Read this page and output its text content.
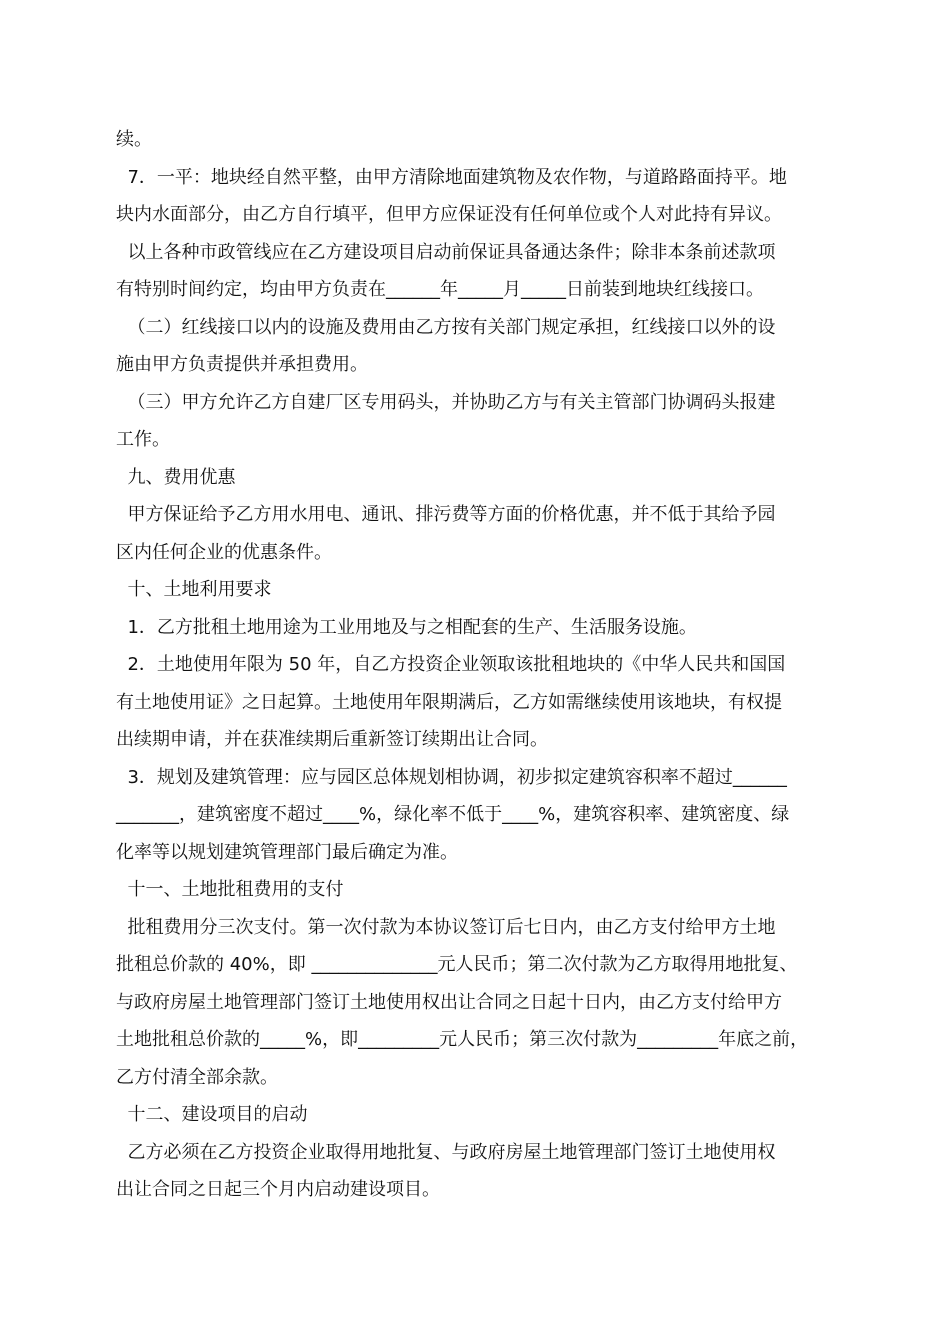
续。
7．一平：地块经自然平整，由甲方清除地面建筑物及农作物，与道路路面持平。地
块内水面部分，由乙方自行填平，但甲方应保证没有任何单位或个人对此持有异议。
以上各种市政管线应在乙方建设项目启动前保证具备通达条件；除非本条前述款项
有特别时间约定，均由甲方负责在______年_____月_____日前装到地块红线接口。
（二）红线接口以内的设施及费用由乙方按有关部门规定承担，红线接口以外的设
施由甲方负责提供并承担费用。
（三）甲方允许乙方自建厂区专用码头，并协助乙方与有关主管部门协调码头报建
工作。
九、费用优惠
甲方保证给予乙方用水用电、通讯、排污费等方面的价格优惠，并不低于其给予园
区内任何企业的优惠条件。
十、土地利用要求
1．乙方批租土地用途为工业用地及与之相配套的生产、生活服务设施。
2．土地使用年限为 50 年，自乙方投资企业领取该批租地块的《中华人民共和国国
有土地使用证》之日起算。土地使用年限期满后，乙方如需继续使用该地块，有权提
出续期申请，并在获准续期后重新签订续期出让合同。
3．规划及建筑管理：应与园区总体规划相协调，初步拟定建筑容积率不超过______
_______，建筑密度不超过____%，绿化率不低于____%，建筑容积率、建筑密度、绿
化率等以规划建筑管理部门最后确定为准。
十一、土地批租费用的支付
批租费用分三次支付。第一次付款为本协议签订后七日内，由乙方支付给甲方土地
批租总价款的 40%，即 ______________元人民币；第二次付款为乙方取得用地批复、
与政府房屋土地管理部门签订土地使用权出让合同之日起十日内，由乙方支付给甲方
土地批租总价款的_____%，即_________元人民币；第三次付款为_________年底之前，
乙方付清全部余款。
十二、建设项目的启动
乙方必须在乙方投资企业取得用地批复、与政府房屋土地管理部门签订土地使用权
出让合同之日起三个月内启动建设项目。
